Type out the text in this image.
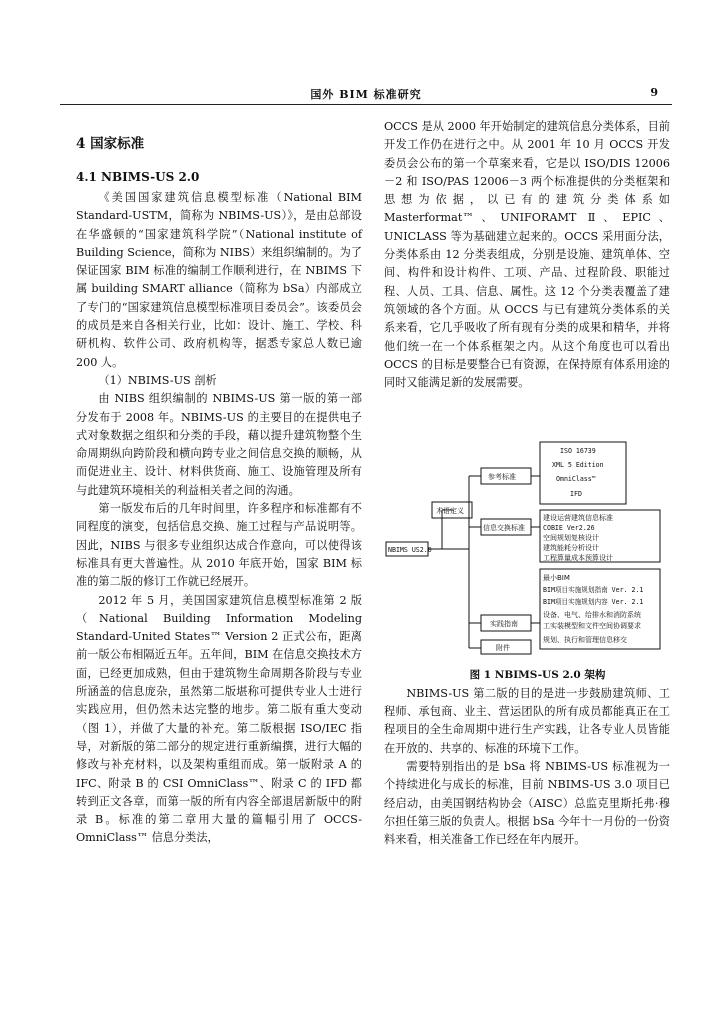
国外 BIM 标准研究	9
4 国家标准
4.1 NBIMS-US 2.0

《美国国家建筑信息模型标准（National BIM Standard-USTM，简称为 NBIMS-US）》，是由总部设在华盛顿的“国家建筑科学院”（National institute of Building Science，简称为 NIBS）来组织编制的。为了保证国家 BIM 标准的编制工作顺利进行，在 NBIMS 下属 building SMART alliance（简称为 bSa）内部成立了专门的“国家建筑信息模型标准项目委员会”。该委员会的成员是来自各相关行业，比如：设计、施工、学校、科研机构、软件公司、政府机构等，据悉专家总人数已逾 200 人。

（1）NBIMS-US 剖析

由 NIBS 组织编制的 NBIMS-US 第一版的第一部分发布于 2008 年。NBIMS-US 的主要目的在提供电子式对象数据之组织和分类的手段，藉以提升建筑物整个生命周期纵向跨阶段和横向跨专业之间信息交换的顺畅，从而促进业主、设计、材料供货商、施工、设施管理及所有与此建筑环境相关的利益相关者之间的沟通。

第一版发布后的几年时间里，许多程序和标准都有不同程度的演变，包括信息交换、施工过程与产品说明等。因此，NIBS 与很多专业组织达成合作意向，可以使得该标准具有更大普遍性。从 2010 年底开始，国家 BIM 标准的第二版的修订工作就已经展开。

2012 年 5 月，美国国家建筑信息模型标准第 2 版（National Building Information Modeling Standard-United States™ Version 2 正式公布，距离前一版公布相隔近五年。五年间，BIM 在信息交换技术方面，已经更加成熟，但由于建筑物生命周期各阶段与专业所涵盖的信息庞杂，虽然第二版堪称可提供专业人士进行实践应用，但仍然未达完整的地步。第二版有重大变动（图 1），并做了大量的补充。第二版根据 ISO/IEC 指导，对新版的第二部分的规定进行重新编撰，进行大幅的修改与补充材料，以及架构重组而成。第一版附录 A 的 IFC、附录 B 的 CSI OmniClass™、附录 C 的 IFD 都转到正文各章，而第一版的所有内容全部退居新版中的附录 B。标准的第二章用大量的篇幅引用了 OCCS-OmniClass™ 信息分类法，

OCCS 是从 2000 年开始制定的建筑信息分类体系，目前开发工作仍在进行之中。从 2001 年 10 月 OCCS 开发委员会公布的第一个草案来看，它是以 ISO/DIS 12006－2 和 ISO/PAS 12006－3 两个标准提供的分类框架和思想为依据，以已有的建筑分类体系如 Masterformat™、UNIFORAMT Ⅱ、EPIC、UNICLASS 等为基础建立起来的。OCCS 采用面分法，分类体系由 12 分类表组成，分别是设施、建筑单体、空间、构件和设计构件、工项、产品、过程阶段、职能过程、人员、工具、信息、属性。这 12 个分类表覆盖了建筑领域的各个方面。从 OCCS 与已有建筑分类体系的关系来看，它几乎吸收了所有现有分类的成果和精华，并将他们统一在一个体系框架之内。从这个角度也可以看出 OCCS 的目标是要整合已有资源，在保持原有体系用途的同时又能满足新的发展需要。

NBIMS US2.0
术语定义
参考标准
信息交换标准
实践指南
附件
ISO 16739
XML 5 Edition
OmniClass™
IFD
建设运营建筑信息标准
COBIE Ver2.26
空间规划复核设计
建筑能耗分析设计
工程算量成本预算设计
最小BIM
BIM项目实施规划指南 Ver. 2.1
BIM项目实施规划内容 Ver. 2.1
设备、电气、给排水和消防系统
工实装模型和文件空间协调要求
规划、执行和管理信息移交

图 1 NBIMS-US 2.0 架构

NBIMS-US 第二版的目的是进一步鼓励建筑师、工程师、承包商、业主、营运团队的所有成员都能真正在工程项目的全生命周期中进行生产实践，让各专业人员皆能在开放的、共享的、标准的环境下工作。

需要特别指出的是 bSa 将 NBIMS-US 标准视为一个持续进化与成长的标准，目前 NBIMS-US 3.0 项目已经启动，由美国钢结构协会（AISC）总监克里斯托弗·穆尔担任第三版的负责人。根据 bSa 今年十一月份的一份资料来看，相关准备工作已经在年内展开。
